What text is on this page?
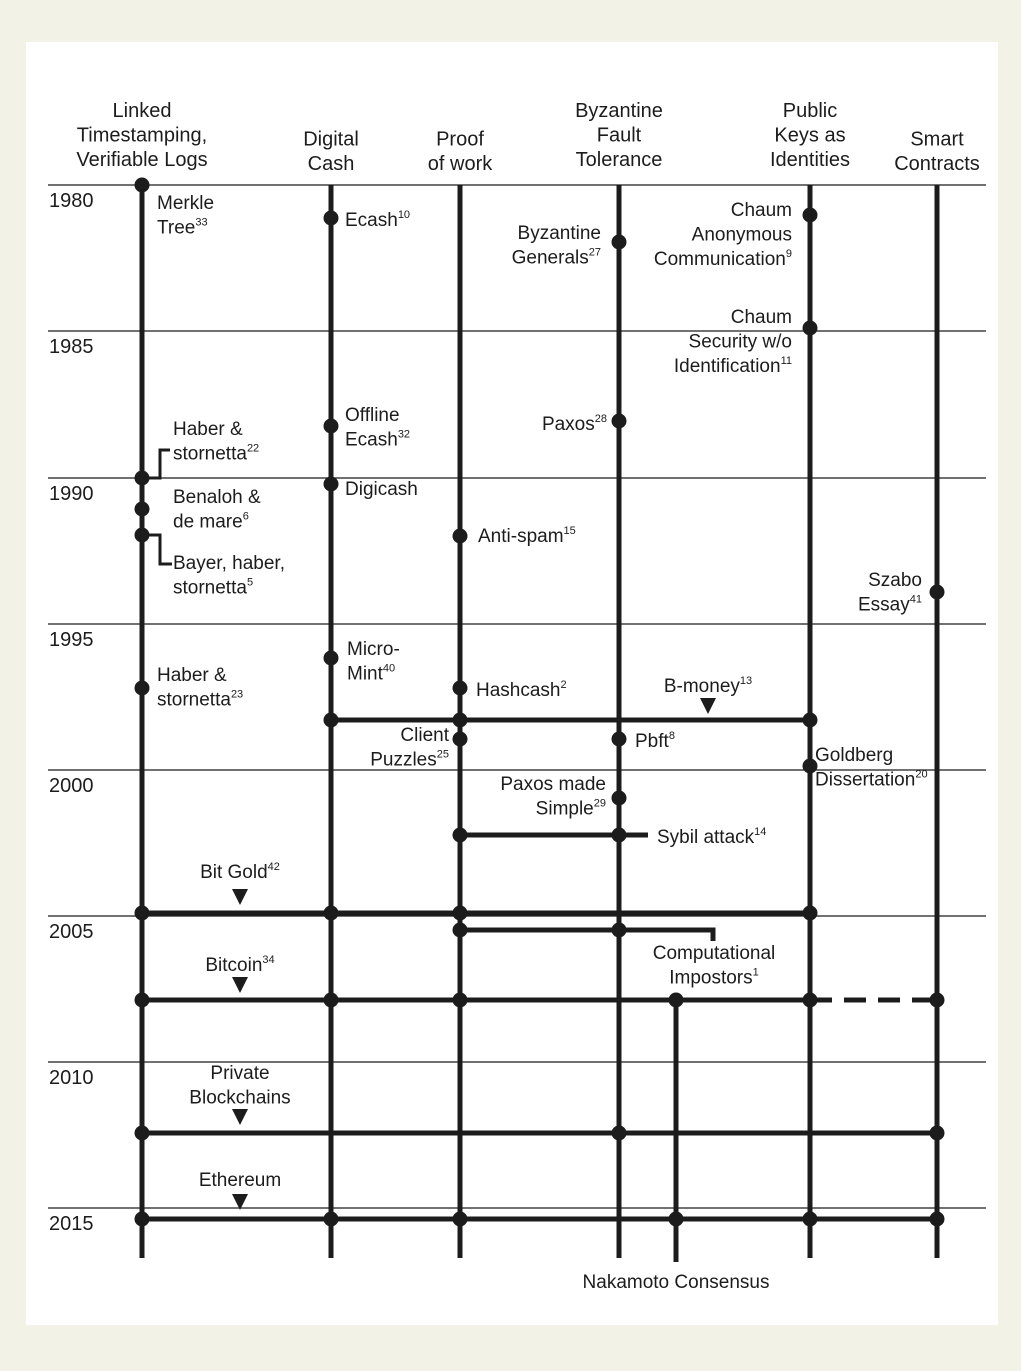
1980
1985
1990
1995
2000
2005
2010
2015
Linked
Timestamping,
Verifiable Logs
Digital
Cash
Proof
of work
Byzantine
Fault
Tolerance
Public
Keys as
Identities
Smart
Contracts
Merkle
Tree$^{33}$	Ecash$^{10}$
Byzantine
Generals$^{27}$
Chaum
Anonymous
Communication$^9$
Chaum
Security w/o
Identification$^{11}$
Offline
Ecash$^{32}$	Paxos$^{28}$
Haber &
stornetta$^{22}$
Digicash
Benaloh &
de mare$^6$
Anti-spam$^{15}$
Bayer, haber,
stornetta$^5$	Szabo
Essay$^{41}$
Micro-
Mint$^{40}$
Haber &
stornetta$^{23}$	Hashcash$^2$	B-money$^{13}$
Client
Puzzles$^{25}$
Pbft$^8$
Goldberg
Dissertation$^{20}$
Paxos made
Simple$^{29}$
Sybil attack$^{14}$
Bit Gold$^{42}$
Computational
Impostors$^1$
Bitcoin$^{34}$
Private
Blockchains
Ethereum
Nakamoto Consensus
